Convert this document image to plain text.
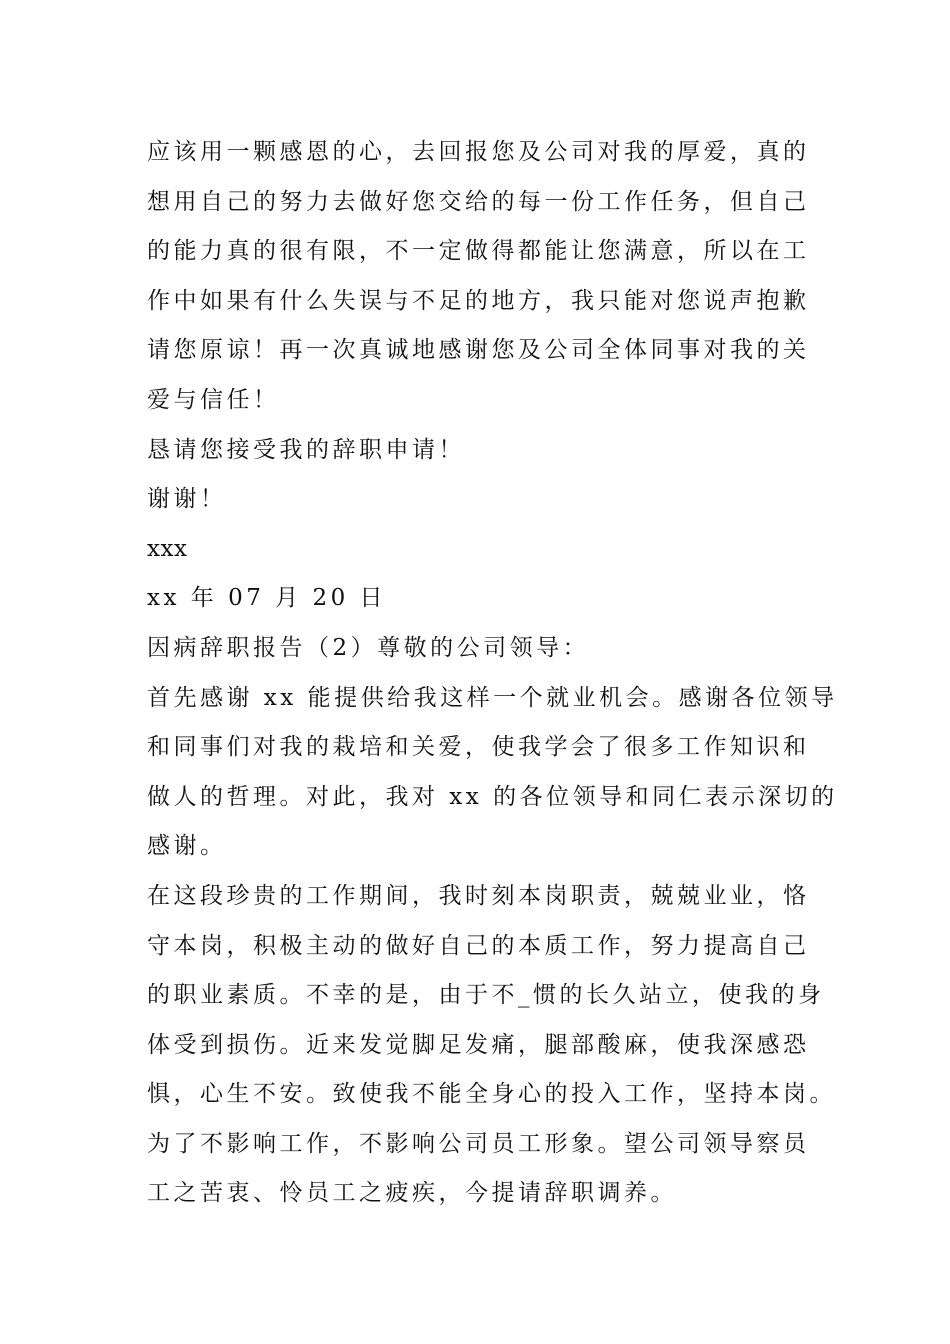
应该用一颗感恩的心，去回报您及公司对我的厚爱，真的
想用自己的努力去做好您交给的每一份工作任务，但自己
的能力真的很有限，不一定做得都能让您满意，所以在工
作中如果有什么失误与不足的地方，我只能对您说声抱歉
请您原谅！再一次真诚地感谢您及公司全体同事对我的关
爱与信任！
恳请您接受我的辞职申请！
谢谢！
xxx
xx 年 07 月 20 日
因病辞职报告（2）尊敬的公司领导：
首先感谢 xx 能提供给我这样一个就业机会。感谢各位领导
和同事们对我的栽培和关爱，使我学会了很多工作知识和
做人的哲理。对此，我对 xx 的各位领导和同仁表示深切的
感谢。
在这段珍贵的工作期间，我时刻本岗职责，兢兢业业，恪
守本岗，积极主动的做好自己的本质工作，努力提高自己
的职业素质。不幸的是，由于不_惯的长久站立，使我的身
体受到损伤。近来发觉脚足发痛，腿部酸麻，使我深感恐
惧，心生不安。致使我不能全身心的投入工作，坚持本岗。
为了不影响工作，不影响公司员工形象。望公司领导察员
工之苦衷、怜员工之疲疾，今提请辞职调养。
